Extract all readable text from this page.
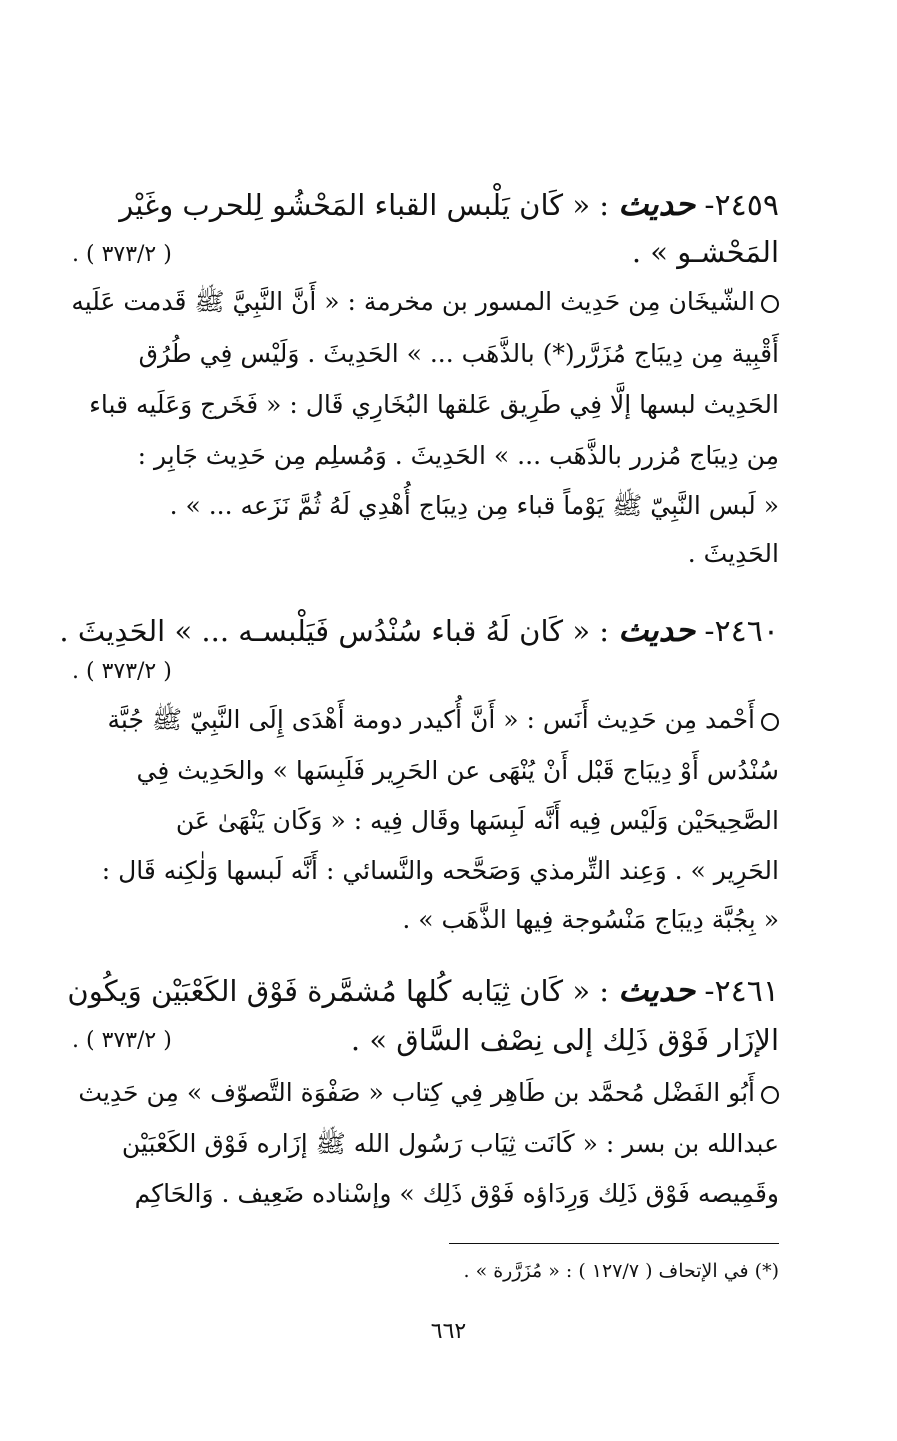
٢٤٥٩- حديث : « كَان يَلْبس القباء المَحْشُو لِلحرب وغَيْر
المَحْشـو » .
( ٣٧٣/٢ ) .
الشّيخَان مِن حَدِيث المسور بن مخرمة : « أَنَّ النَّبِيَّ ﷺ قَدمت عَلَيه
أَقْبِية مِن دِيبَاج مُزَرَّر(*) بالذَّهَب ... » الحَدِيثَ . وَلَيْس فِي طُرُق
الحَدِيث لبسها إلَّا فِي طَرِيق عَلقها البُخَارِي قَال : « فَخَرج وَعَلَيه قباء
مِن دِيبَاج مُزرر بالذَّهَب ... » الحَدِيثَ . وَمُسلِم مِن حَدِيث جَابِر :
« لَبس النَّبِيّ ﷺ يَوْماً قباء مِن دِيبَاج أُهْدِي لَهُ ثُمَّ نَزَعه ... » .
الحَدِيثَ .
٢٤٦٠- حديث : « كَان لَهُ قباء سُنْدُس فَيَلْبسـه ... » الحَدِيثَ .
( ٣٧٣/٢ ) .
أَحْمد مِن حَدِيث أَنَس : « أَنَّ أُكيدر دومة أَهْدَى إِلَى النَّبِيّ ﷺ جُبَّة
سُنْدُس أَوْ دِيبَاج قَبْل أَنْ يُنْهَى عن الحَرِير فَلَبِسَها » والحَدِيث فِي
الصَّحِيحَيْن وَلَيْس فِيه أَنَّه لَبِسَها وقَال فِيه : « وَكَان يَنْهَىٰ عَن
الحَرِير » . وَعِند التِّرمذي وَصَحَّحه والنَّسائي : أَنَّه لَبسها وَلٰكِنه قَال :
« بِجُبَّة دِيبَاج مَنْسُوجة فِيها الذَّهَب » .
٢٤٦١- حديث : « كَان ثِيَابه كُلها مُشمَّرة فَوْق الكَعْبَيْن وَيكُون
الإزَار فَوْق ذَلِك إلى نِصْف السَّاق » .
( ٣٧٣/٢ ) .
أَبُو الفَضْل مُحمَّد بن طَاهِر فِي كِتاب « صَفْوَة التَّصوّف » مِن حَدِيث
عبدالله بن بسر : « كَانَت ثِيَاب رَسُول الله ﷺ إزَاره فَوْق الكَعْبَيْن
وقَمِيصه فَوْق ذَلِك وَرِدَاؤه فَوْق ذَلِك » وإسْناده ضَعِيف . وَالحَاكِم
(*) في الإتحاف ( ١٢٧/٧ ) : « مُزَرَّرة » .
٦٦٢
